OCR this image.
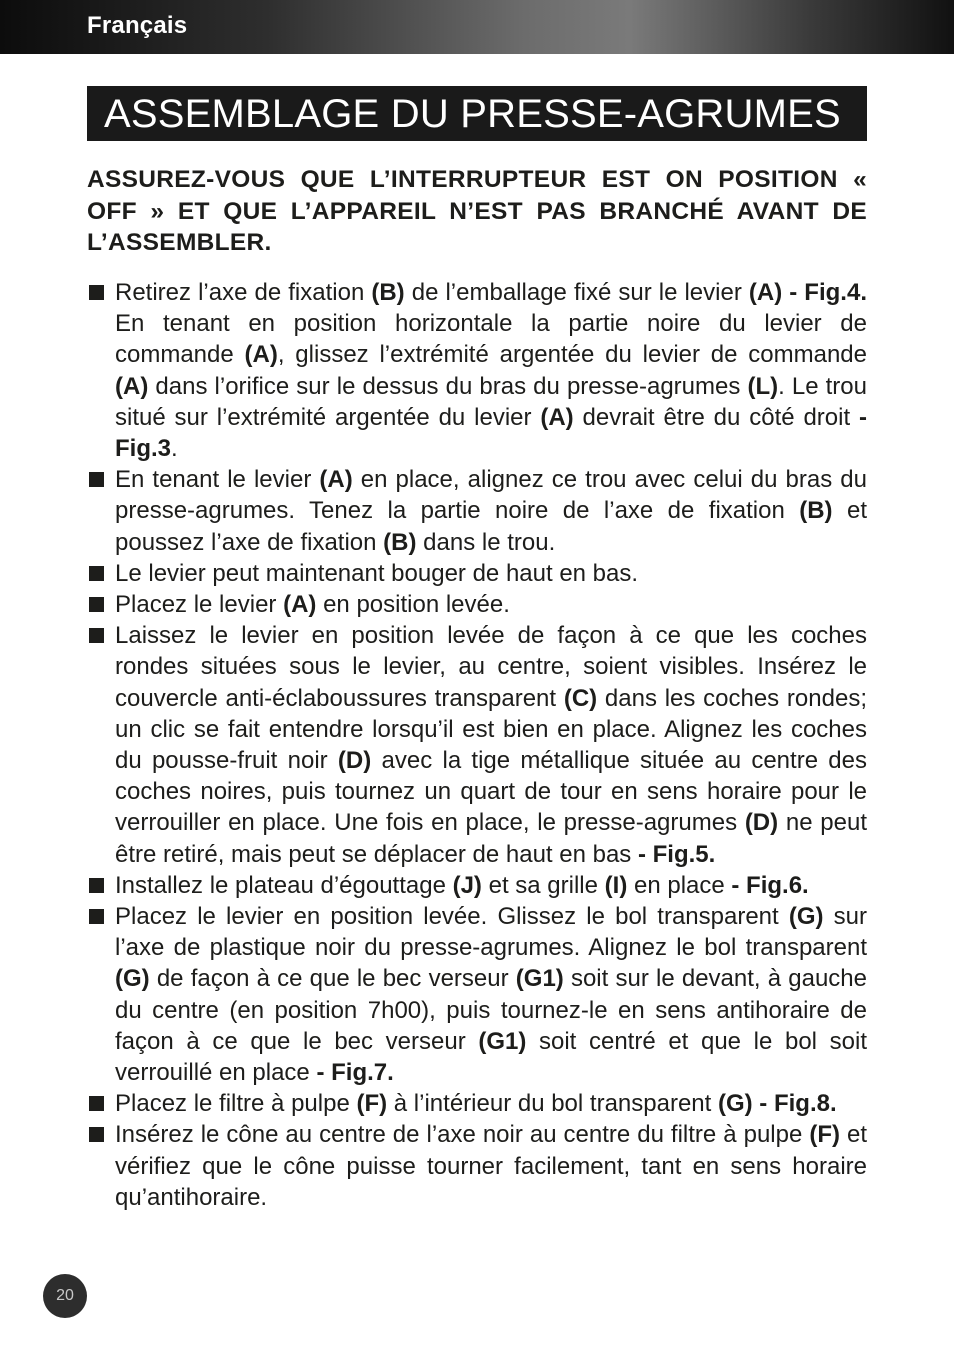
Français
ASSEMBLAGE DU PRESSE-AGRUMES

ASSUREZ-VOUS QUE L’INTERRUPTEUR EST ON POSITION « OFF » ET QUE L’APPAREIL N’EST PAS BRANCHÉ AVANT DE L’ASSEMBLER.

Retirez l’axe de fixation (B) de l’emballage fixé sur le levier (A) - Fig.4. En tenant en position horizontale la partie noire du levier de commande (A), glissez l’extrémité argentée du levier de commande (A) dans l’orifice sur le dessus du bras du presse-agrumes (L). Le trou situé sur l’extrémité argentée du levier (A) devrait être du côté droit - Fig.3.
En tenant le levier (A) en place, alignez ce trou avec celui du bras du presse-agrumes. Tenez la partie noire de l’axe de fixation (B) et poussez l’axe de fixation (B) dans le trou.
Le levier peut maintenant bouger de haut en bas.
Placez le levier (A) en position levée.
Laissez le levier en position levée de façon à ce que les coches rondes situées sous le levier, au centre, soient visibles. Insérez le couvercle anti-éclaboussures transparent (C) dans les coches rondes; un clic se fait entendre lorsqu’il est bien en place. Alignez les coches du pousse-fruit noir (D) avec la tige métallique située au centre des coches noires, puis tournez un quart de tour en sens horaire pour le verrouiller en place. Une fois en place, le presse-agrumes (D) ne peut être retiré, mais peut se déplacer de haut en bas - Fig.5.
Installez le plateau d’égouttage (J) et sa grille (I) en place - Fig.6.
Placez le levier en position levée. Glissez le bol transparent (G) sur l’axe de plastique noir du presse-agrumes. Alignez le bol transparent (G) de façon à ce que le bec verseur (G1) soit sur le devant, à gauche du centre (en position 7h00), puis tournez-le en sens antihoraire de façon à ce que le bec verseur (G1) soit centré et que le bol soit verrouillé en place - Fig.7.
Placez le filtre à pulpe (F) à l’intérieur du bol transparent (G) - Fig.8.
Insérez le cône au centre de l’axe noir au centre du filtre à pulpe (F) et vérifiez que le cône puisse tourner facilement, tant en sens horaire qu’antihoraire.
20
